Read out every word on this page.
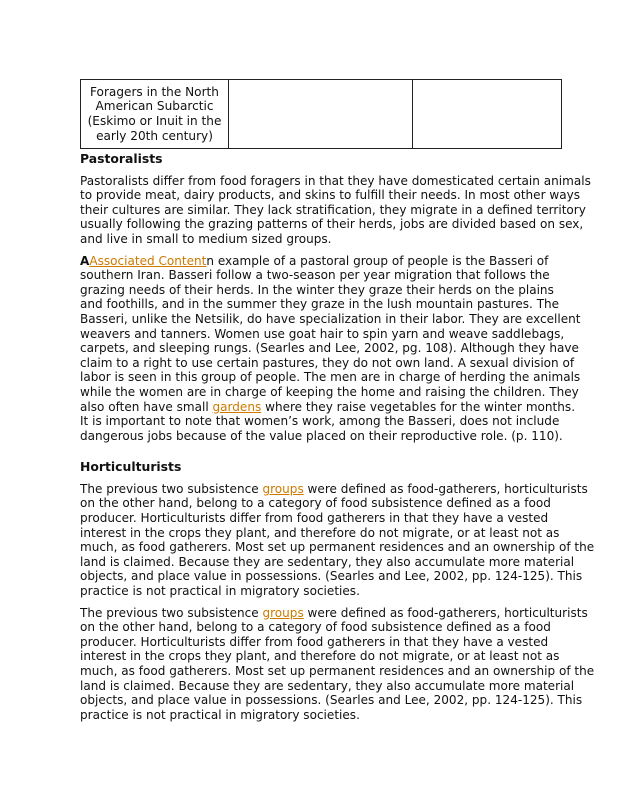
Foragers in the North
American Subarctic
(Eskimo or Inuit in the
early 20th century)

Pastoralists

Pastoralists differ from food foragers in that they have domesticated certain animals
to provide meat, dairy products, and skins to fulfill their needs. In most other ways
their cultures are similar. They lack stratification, they migrate in a defined territory
usually following the grazing patterns of their herds, jobs are divided based on sex,
and live in small to medium sized groups.

AAssociated Contentn example of a pastoral group of people is the Basseri of
southern Iran. Basseri follow a two-season per year migration that follows the
grazing needs of their herds. In the winter they graze their herds on the plains
and foothills, and in the summer they graze in the lush mountain pastures. The
Basseri, unlike the Netsilik, do have specialization in their labor. They are excellent
weavers and tanners. Women use goat hair to spin yarn and weave saddlebags,
carpets, and sleeping rungs. (Searles and Lee, 2002, pg. 108). Although they have
claim to a right to use certain pastures, they do not own land. A sexual division of
labor is seen in this group of people. The men are in charge of herding the animals
while the women are in charge of keeping the home and raising the children. They
also often have small gardens where they raise vegetables for the winter months.
It is important to note that women’s work, among the Basseri, does not include
dangerous jobs because of the value placed on their reproductive role. (p. 110).

Horticulturists

The previous two subsistence groups were defined as food-gatherers, horticulturists
on the other hand, belong to a category of food subsistence defined as a food
producer. Horticulturists differ from food gatherers in that they have a vested
interest in the crops they plant, and therefore do not migrate, or at least not as
much, as food gatherers. Most set up permanent residences and an ownership of the
land is claimed. Because they are sedentary, they also accumulate more material
objects, and place value in possessions. (Searles and Lee, 2002, pp. 124-125). This
practice is not practical in migratory societies.

The previous two subsistence groups were defined as food-gatherers, horticulturists
on the other hand, belong to a category of food subsistence defined as a food
producer. Horticulturists differ from food gatherers in that they have a vested
interest in the crops they plant, and therefore do not migrate, or at least not as
much, as food gatherers. Most set up permanent residences and an ownership of the
land is claimed. Because they are sedentary, they also accumulate more material
objects, and place value in possessions. (Searles and Lee, 2002, pp. 124-125). This
practice is not practical in migratory societies.
